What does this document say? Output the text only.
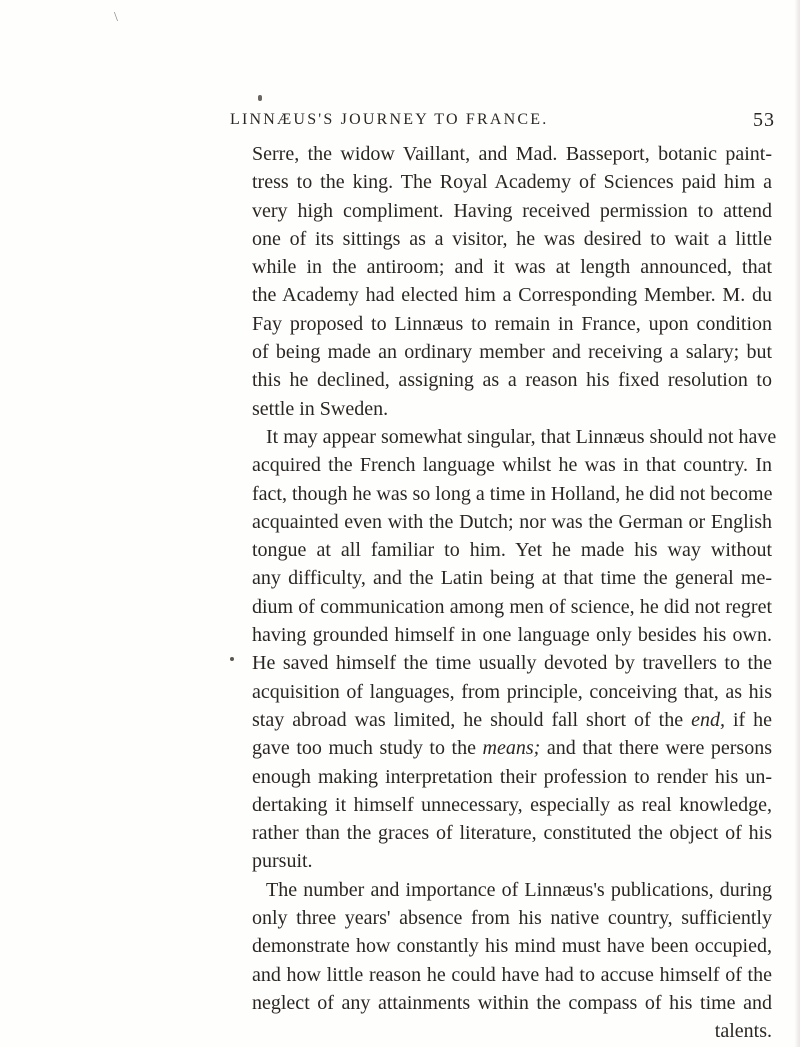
\
LINNÆUS'S JOURNEY TO FRANCE.	53
Serre, the widow Vaillant, and Mad. Basseport, botanic paint-
tress to the king. The Royal Academy of Sciences paid him a
very high compliment. Having received permission to attend
one of its sittings as a visitor, he was desired to wait a little
while in the antiroom; and it was at length announced, that
the Academy had elected him a Corresponding Member. M. du
Fay proposed to Linnæus to remain in France, upon condition
of being made an ordinary member and receiving a salary; but
this he declined, assigning as a reason his fixed resolution to
settle in Sweden.
It may appear somewhat singular, that Linnæus should not have
acquired the French language whilst he was in that country. In
fact, though he was so long a time in Holland, he did not become
acquainted even with the Dutch; nor was the German or English
tongue at all familiar to him. Yet he made his way without
any difficulty, and the Latin being at that time the general me-
dium of communication among men of science, he did not regret
having grounded himself in one language only besides his own.
He saved himself the time usually devoted by travellers to the
acquisition of languages, from principle, conceiving that, as his
stay abroad was limited, he should fall short of the end, if he
gave too much study to the means; and that there were persons
enough making interpretation their profession to render his un-
dertaking it himself unnecessary, especially as real knowledge,
rather than the graces of literature, constituted the object of his
pursuit.
The number and importance of Linnæus's publications, during
only three years' absence from his native country, sufficiently
demonstrate how constantly his mind must have been occupied,
and how little reason he could have had to accuse himself of the
neglect of any attainments within the compass of his time and
talents.
